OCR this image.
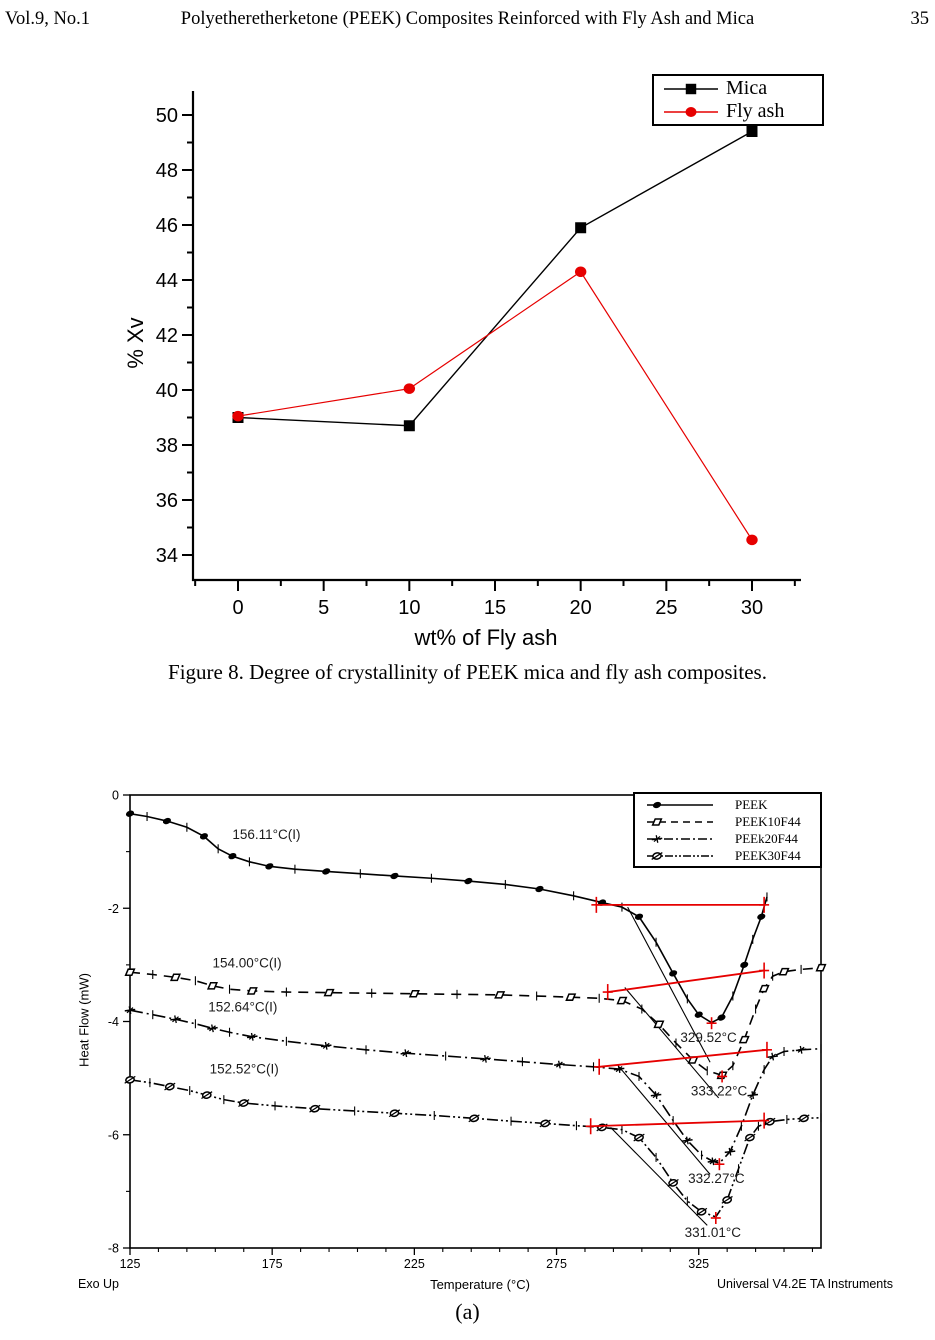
Vol.9, No.1	Polyetheretherketone (PEEK) Composites Reinforced with Fly Ash and Mica	35
34
36
38
40
42
44
46
48
50
0	5	10	15	20	25	30
125	175	225	275	325
0
-2
-4
-6
-8
329.52°C
333.22°C
332.27°C
331.01°C
156.11°C(I)
154.00°C(I)
152.64°C(I)
152.52°C(I)
% Xv
wt% of Fly ash
Mica
Fly ash
Figure 8. Degree of crystallinity of PEEK mica and fly ash composites.
Heat Flow (mW)
Temperature (°C)
Exo Up	Universal V4.2E TA Instruments
PEEK
PEEK10F44
PEEk20F44
PEEK30F44
(a)
